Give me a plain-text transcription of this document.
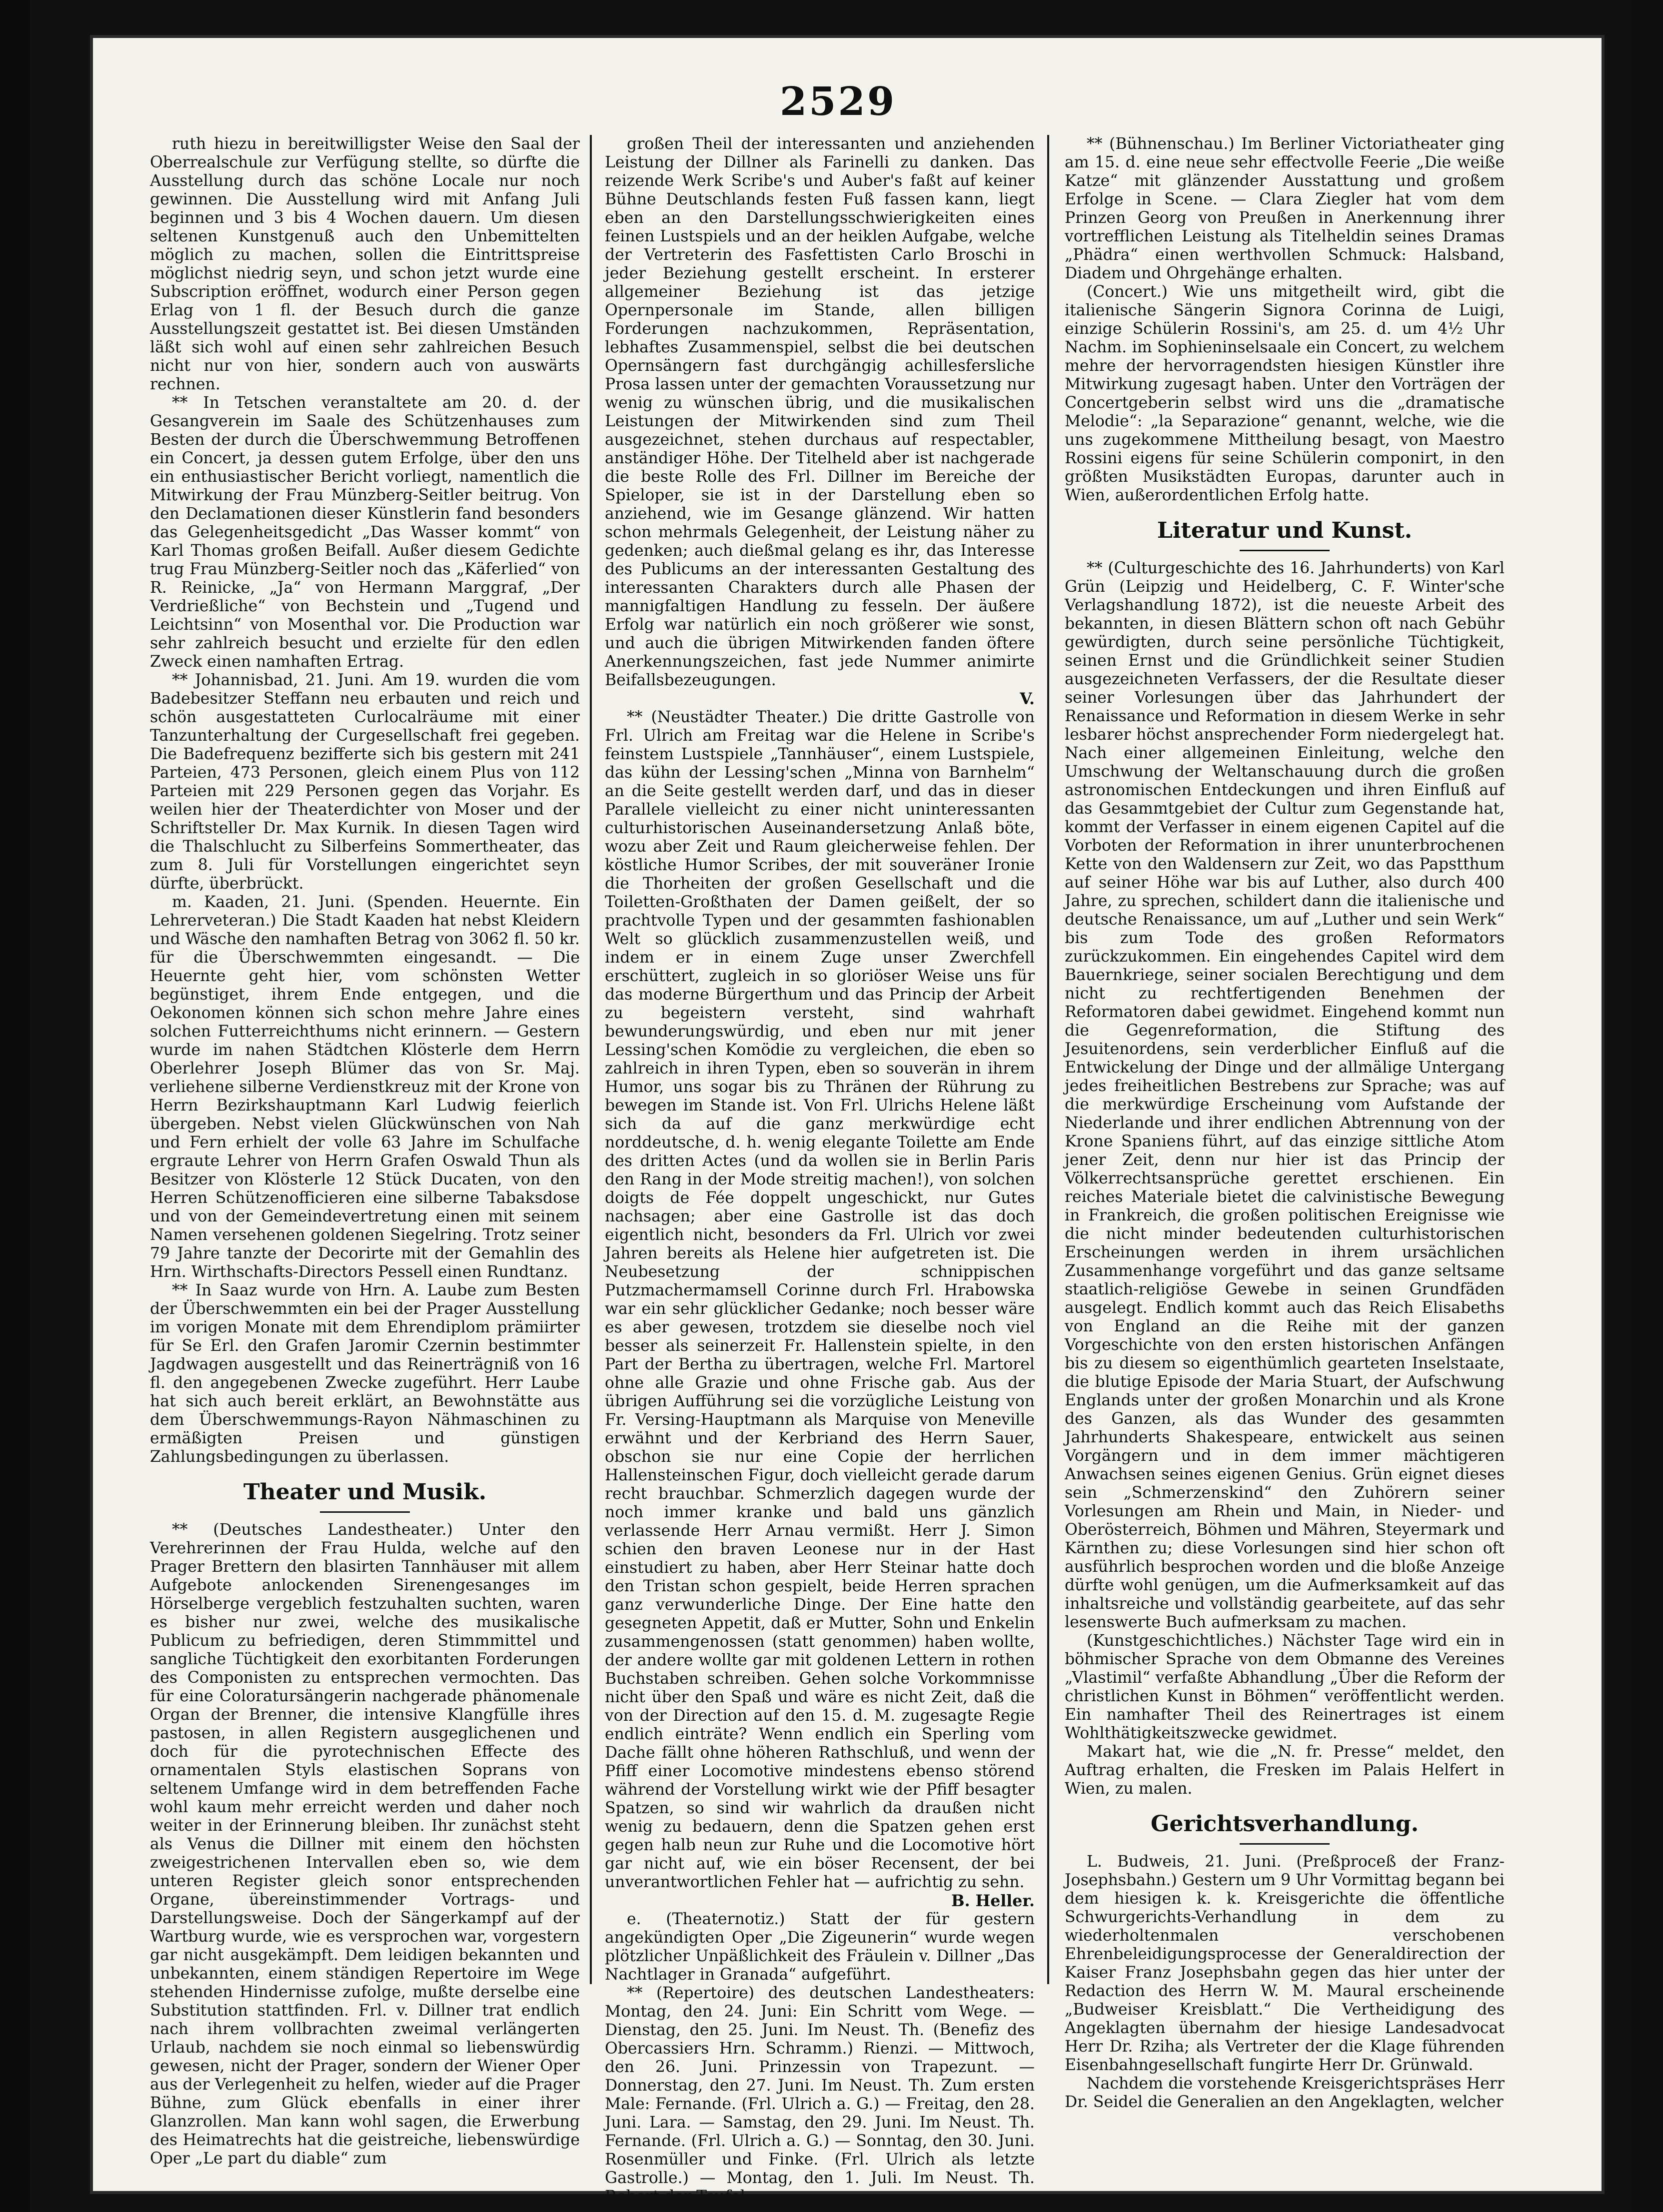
2529

ruth hiezu in bereitwilligster Weise den Saal der Oberrealschule zur Verfügung stellte, so dürfte die Ausstellung durch das schöne Locale nur noch gewinnen. Die Ausstellung wird mit Anfang Juli beginnen und 3 bis 4 Wochen dauern. Um diesen seltenen Kunstgenuß auch den Unbemittelten möglich zu machen, sollen die Eintrittspreise möglichst niedrig seyn, und schon jetzt wurde eine Subscription eröffnet, wodurch einer Person gegen Erlag von 1 fl. der Besuch durch die ganze Ausstellungszeit gestattet ist. Bei diesen Umständen läßt sich wohl auf einen sehr zahlreichen Besuch nicht nur von hier, sondern auch von auswärts rechnen.

** In Tetschen veranstaltete am 20. d. der Gesangverein im Saale des Schützenhauses zum Besten der durch die Überschwemmung Betroffenen ein Concert, ja dessen gutem Erfolge, über den uns ein enthusiastischer Bericht vorliegt, namentlich die Mitwirkung der Frau Münzberg-Seitler beitrug. Von den Declamationen dieser Künstlerin fand besonders das Gelegenheitsgedicht „Das Wasser kommt“ von Karl Thomas großen Beifall. Außer diesem Gedichte trug Frau Münzberg-Seitler noch das „Käferlied“ von R. Reinicke, „Ja“ von Hermann Marggraf, „Der Verdrießliche“ von Bechstein und „Tugend und Leichtsinn“ von Mosenthal vor. Die Production war sehr zahlreich besucht und erzielte für den edlen Zweck einen namhaften Ertrag.

** Johannisbad, 21. Juni. Am 19. wurden die vom Badebesitzer Steffann neu erbauten und reich und schön ausgestatteten Curlocalräume mit einer Tanzunterhaltung der Curgesellschaft frei gegeben. Die Badefrequenz bezifferte sich bis gestern mit 241 Parteien, 473 Personen, gleich einem Plus von 112 Parteien mit 229 Personen gegen das Vorjahr. Es weilen hier der Theaterdichter von Moser und der Schriftsteller Dr. Max Kurnik. In diesen Tagen wird die Thalschlucht zu Silberfeins Sommertheater, das zum 8. Juli für Vorstellungen eingerichtet seyn dürfte, überbrückt.

m. Kaaden, 21. Juni. (Spenden. Heuernte. Ein Lehrerveteran.) Die Stadt Kaaden hat nebst Kleidern und Wäsche den namhaften Betrag von 3062 fl. 50 kr. für die Überschwemmten eingesandt. — Die Heuernte geht hier, vom schönsten Wetter begünstiget, ihrem Ende entgegen, und die Oekonomen können sich schon mehre Jahre eines solchen Futterreichthums nicht erinnern. — Gestern wurde im nahen Städtchen Klösterle dem Herrn Oberlehrer Joseph Blümer das von Sr. Maj. verliehene silberne Verdienstkreuz mit der Krone von Herrn Bezirkshauptmann Karl Ludwig feierlich übergeben. Nebst vielen Glückwünschen von Nah und Fern erhielt der volle 63 Jahre im Schulfache ergraute Lehrer von Herrn Grafen Oswald Thun als Besitzer von Klösterle 12 Stück Ducaten, von den Herren Schützenofficieren eine silberne Tabaksdose und von der Gemeindevertretung einen mit seinem Namen versehenen goldenen Siegelring. Trotz seiner 79 Jahre tanzte der Decorirte mit der Gemahlin des Hrn. Wirthschafts-Directors Pessell einen Rundtanz.

** In Saaz wurde von Hrn. A. Laube zum Besten der Überschwemmten ein bei der Prager Ausstellung im vorigen Monate mit dem Ehrendiplom prämiirter für Se Erl. den Grafen Jaromir Czernin bestimmter Jagdwagen ausgestellt und das Reinerträgniß von 16 fl. den angegebenen Zwecke zugeführt. Herr Laube hat sich auch bereit erklärt, an Bewohnstätte aus dem Überschwemmungs-Rayon Nähmaschinen zu ermäßigten Preisen und günstigen Zahlungsbedingungen zu überlassen.

Theater und Musik.

** (Deutsches Landestheater.) Unter den Verehrerinnen der Frau Hulda, welche auf den Prager Brettern den blasirten Tannhäuser mit allem Aufgebote anlockenden Sirenengesanges im Hörselberge vergeblich festzuhalten suchten, waren es bisher nur zwei, welche des musikalische Publicum zu befriedigen, deren Stimmmittel und sangliche Tüchtigkeit den exorbitanten Forderungen des Componisten zu entsprechen vermochten. Das für eine Coloratursängerin nachgerade phänomenale Organ der Brenner, die intensive Klangfülle ihres pastosen, in allen Registern ausgeglichenen und doch für die pyrotechnischen Effecte des ornamentalen Styls elastischen Soprans von seltenem Umfange wird in dem betreffenden Fache wohl kaum mehr erreicht werden und daher noch weiter in der Erinnerung bleiben. Ihr zunächst steht als Venus die Dillner mit einem den höchsten zweigestrichenen Intervallen eben so, wie dem unteren Register gleich sonor entsprechenden Organe, übereinstimmender Vortrags- und Darstellungsweise. Doch der Sängerkampf auf der Wartburg wurde, wie es versprochen war, vorgestern gar nicht ausgekämpft. Dem leidigen bekannten und unbekannten, einem ständigen Repertoire im Wege stehenden Hindernisse zufolge, mußte derselbe eine Substitution stattfinden. Frl. v. Dillner trat endlich nach ihrem vollbrachten zweimal verlängerten Urlaub, nachdem sie noch einmal so liebenswürdig gewesen, nicht der Prager, sondern der Wiener Oper aus der Verlegenheit zu helfen, wieder auf die Prager Bühne, zum Glück ebenfalls in einer ihrer Glanzrollen. Man kann wohl sagen, die Erwerbung des Heimatrechts hat die geistreiche, liebenswürdige Oper „Le part du diable“ zum

großen Theil der interessanten und anziehenden Leistung der Dillner als Farinelli zu danken. Das reizende Werk Scribe's und Auber's faßt auf keiner Bühne Deutschlands festen Fuß fassen kann, liegt eben an den Darstellungsschwierigkeiten eines feinen Lustspiels und an der heiklen Aufgabe, welche der Vertreterin des Fasfettisten Carlo Broschi in jeder Beziehung gestellt erscheint. In ersterer allgemeiner Beziehung ist das jetzige Opernpersonale im Stande, allen billigen Forderungen nachzukommen, Repräsentation, lebhaftes Zusammenspiel, selbst die bei deutschen Opernsängern fast durchgängig achillesfersliche Prosa lassen unter der gemachten Voraussetzung nur wenig zu wünschen übrig, und die musikalischen Leistungen der Mitwirkenden sind zum Theil ausgezeichnet, stehen durchaus auf respectabler, anständiger Höhe. Der Titelheld aber ist nachgerade die beste Rolle des Frl. Dillner im Bereiche der Spieloper, sie ist in der Darstellung eben so anziehend, wie im Gesange glänzend. Wir hatten schon mehrmals Gelegenheit, der Leistung näher zu gedenken; auch dießmal gelang es ihr, das Interesse des Publicums an der interessanten Gestaltung des interessanten Charakters durch alle Phasen der mannigfaltigen Handlung zu fesseln. Der äußere Erfolg war natürlich ein noch größerer wie sonst, und auch die übrigen Mitwirkenden fanden öftere Anerkennungszeichen, fast jede Nummer animirte Beifallsbezeugungen.

V.

** (Neustädter Theater.) Die dritte Gastrolle von Frl. Ulrich am Freitag war die Helene in Scribe's feinstem Lustspiele „Tannhäuser“, einem Lustspiele, das kühn der Lessing'schen „Minna von Barnhelm“ an die Seite gestellt werden darf, und das in dieser Parallele vielleicht zu einer nicht uninteressanten culturhistorischen Auseinandersetzung Anlaß böte, wozu aber Zeit und Raum gleicherweise fehlen. Der köstliche Humor Scribes, der mit souveräner Ironie die Thorheiten der großen Gesellschaft und die Toiletten-Großthaten der Damen geißelt, der so prachtvolle Typen und der gesammten fashionablen Welt so glücklich zusammenzustellen weiß, und indem er in einem Zuge unser Zwerchfell erschüttert, zugleich in so gloriöser Weise uns für das moderne Bürgerthum und das Princip der Arbeit zu begeistern versteht, sind wahrhaft bewunderungswürdig, und eben nur mit jener Lessing'schen Komödie zu vergleichen, die eben so zahlreich in ihren Typen, eben so souverän in ihrem Humor, uns sogar bis zu Thränen der Rührung zu bewegen im Stande ist. Von Frl. Ulrichs Helene läßt sich da auf die ganz merkwürdige echt norddeutsche, d. h. wenig elegante Toilette am Ende des dritten Actes (und da wollen sie in Berlin Paris den Rang in der Mode streitig machen!), von solchen doigts de Fée doppelt ungeschickt, nur Gutes nachsagen; aber eine Gastrolle ist das doch eigentlich nicht, besonders da Frl. Ulrich vor zwei Jahren bereits als Helene hier aufgetreten ist. Die Neubesetzung der schnippischen Putzmachermamsell Corinne durch Frl. Hrabowska war ein sehr glücklicher Gedanke; noch besser wäre es aber gewesen, trotzdem sie dieselbe noch viel besser als seinerzeit Fr. Hallenstein spielte, in den Part der Bertha zu übertragen, welche Frl. Martorel ohne alle Grazie und ohne Frische gab. Aus der übrigen Aufführung sei die vorzügliche Leistung von Fr. Versing-Hauptmann als Marquise von Meneville erwähnt und der Kerbriand des Herrn Sauer, obschon sie nur eine Copie der herrlichen Hallensteinschen Figur, doch vielleicht gerade darum recht brauchbar. Schmerzlich dagegen wurde der noch immer kranke und bald uns gänzlich verlassende Herr Arnau vermißt. Herr J. Simon schien den braven Leonese nur in der Hast einstudiert zu haben, aber Herr Steinar hatte doch den Tristan schon gespielt, beide Herren sprachen ganz verwunderliche Dinge. Der Eine hatte den gesegneten Appetit, daß er Mutter, Sohn und Enkelin zusammengenossen (statt genommen) haben wollte, der andere wollte gar mit goldenen Lettern in rothen Buchstaben schreiben. Gehen solche Vorkommnisse nicht über den Spaß und wäre es nicht Zeit, daß die von der Direction auf den 15. d. M. zugesagte Regie endlich einträte? Wenn endlich ein Sperling vom Dache fällt ohne höheren Rathschluß, und wenn der Pfiff einer Locomotive mindestens ebenso störend während der Vorstellung wirkt wie der Pfiff besagter Spatzen, so sind wir wahrlich da draußen nicht wenig zu bedauern, denn die Spatzen gehen erst gegen halb neun zur Ruhe und die Locomotive hört gar nicht auf, wie ein böser Recensent, der bei unverantwortlichen Fehler hat — aufrichtig zu sehn.

B. Heller.

e. (Theaternotiz.) Statt der für gestern angekündigten Oper „Die Zigeunerin“ wurde wegen plötzlicher Unpäßlichkeit des Fräulein v. Dillner „Das Nachtlager in Granada“ aufgeführt.

** (Repertoire) des deutschen Landestheaters: Montag, den 24. Juni: Ein Schritt vom Wege. — Dienstag, den 25. Juni. Im Neust. Th. (Benefiz des Obercassiers Hrn. Schramm.) Rienzi. — Mittwoch, den 26. Juni. Prinzessin von Trapezunt. — Donnerstag, den 27. Juni. Im Neust. Th. Zum ersten Male: Fernande. (Frl. Ulrich a. G.) — Freitag, den 28. Juni. Lara. — Samstag, den 29. Juni. Im Neust. Th. Fernande. (Frl. Ulrich a. G.) — Sonntag, den 30. Juni. Rosenmüller und Finke. (Frl. Ulrich als letzte Gastrolle.) — Montag, den 1. Juli. Im Neust. Th. Robert der Teufel.

** (Bühnenschau.) Im Berliner Victoriatheater ging am 15. d. eine neue sehr effectvolle Feerie „Die weiße Katze“ mit glänzender Ausstattung und großem Erfolge in Scene. — Clara Ziegler hat vom dem Prinzen Georg von Preußen in Anerkennung ihrer vortrefflichen Leistung als Titelheldin seines Dramas „Phädra“ einen werthvollen Schmuck: Halsband, Diadem und Ohrgehänge erhalten.

(Concert.) Wie uns mitgetheilt wird, gibt die italienische Sängerin Signora Corinna de Luigi, einzige Schülerin Rossini's, am 25. d. um 4½ Uhr Nachm. im Sophieninselsaale ein Concert, zu welchem mehre der hervorragendsten hiesigen Künstler ihre Mitwirkung zugesagt haben. Unter den Vorträgen der Concertgeberin selbst wird uns die „dramatische Melodie“: „la Separazione“ genannt, welche, wie die uns zugekommene Mittheilung besagt, von Maestro Rossini eigens für seine Schülerin componirt, in den größten Musikstädten Europas, darunter auch in Wien, außerordentlichen Erfolg hatte.

Literatur und Kunst.

** (Culturgeschichte des 16. Jahrhunderts) von Karl Grün (Leipzig und Heidelberg, C. F. Winter'sche Verlagshandlung 1872), ist die neueste Arbeit des bekannten, in diesen Blättern schon oft nach Gebühr gewürdigten, durch seine persönliche Tüchtigkeit, seinen Ernst und die Gründlichkeit seiner Studien ausgezeichneten Verfassers, der die Resultate dieser seiner Vorlesungen über das Jahrhundert der Renaissance und Reformation in diesem Werke in sehr lesbarer höchst ansprechender Form niedergelegt hat. Nach einer allgemeinen Einleitung, welche den Umschwung der Weltanschauung durch die großen astronomischen Entdeckungen und ihren Einfluß auf das Gesammtgebiet der Cultur zum Gegenstande hat, kommt der Verfasser in einem eigenen Capitel auf die Vorboten der Reformation in ihrer ununterbrochenen Kette von den Waldensern zur Zeit, wo das Papstthum auf seiner Höhe war bis auf Luther, also durch 400 Jahre, zu sprechen, schildert dann die italienische und deutsche Renaissance, um auf „Luther und sein Werk“ bis zum Tode des großen Reformators zurückzukommen. Ein eingehendes Capitel wird dem Bauernkriege, seiner socialen Berechtigung und dem nicht zu rechtfertigenden Benehmen der Reformatoren dabei gewidmet. Eingehend kommt nun die Gegenreformation, die Stiftung des Jesuitenordens, sein verderblicher Einfluß auf die Entwickelung der Dinge und der allmälige Untergang jedes freiheitlichen Bestrebens zur Sprache; was auf die merkwürdige Erscheinung vom Aufstande der Niederlande und ihrer endlichen Abtrennung von der Krone Spaniens führt, auf das einzige sittliche Atom jener Zeit, denn nur hier ist das Princip der Völkerrechtsansprüche gerettet erschienen. Ein reiches Materiale bietet die calvinistische Bewegung in Frankreich, die großen politischen Ereignisse wie die nicht minder bedeutenden culturhistorischen Erscheinungen werden in ihrem ursächlichen Zusammenhange vorgeführt und das ganze seltsame staatlich-religiöse Gewebe in seinen Grundfäden ausgelegt. Endlich kommt auch das Reich Elisabeths von England an die Reihe mit der ganzen Vorgeschichte von den ersten historischen Anfängen bis zu diesem so eigenthümlich gearteten Inselstaate, die blutige Episode der Maria Stuart, der Aufschwung Englands unter der großen Monarchin und als Krone des Ganzen, als das Wunder des gesammten Jahrhunderts Shakespeare, entwickelt aus seinen Vorgängern und in dem immer mächtigeren Anwachsen seines eigenen Genius. Grün eignet dieses sein „Schmerzenskind“ den Zuhörern seiner Vorlesungen am Rhein und Main, in Nieder- und Oberösterreich, Böhmen und Mähren, Steyermark und Kärnthen zu; diese Vorlesungen sind hier schon oft ausführlich besprochen worden und die bloße Anzeige dürfte wohl genügen, um die Aufmerksamkeit auf das inhaltsreiche und vollständig gearbeitete, auf das sehr lesenswerte Buch aufmerksam zu machen.

(Kunstgeschichtliches.) Nächster Tage wird ein in böhmischer Sprache von dem Obmanne des Vereines „Vlastimil“ verfaßte Abhandlung „Über die Reform der christlichen Kunst in Böhmen“ veröffentlicht werden. Ein namhafter Theil des Reinertrages ist einem Wohlthätigkeitszwecke gewidmet.

Makart hat, wie die „N. fr. Presse“ meldet, den Auftrag erhalten, die Fresken im Palais Helfert in Wien, zu malen.

Gerichtsverhandlung.

L. Budweis, 21. Juni. (Preßproceß der Franz-Josephsbahn.) Gestern um 9 Uhr Vormittag begann bei dem hiesigen k. k. Kreisgerichte die öffentliche Schwurgerichts-Verhandlung in dem zu wiederholtenmalen verschobenen Ehrenbeleidigungsprocesse der Generaldirection der Kaiser Franz Josephsbahn gegen das hier unter der Redaction des Herrn W. M. Maural erscheinende „Budweiser Kreisblatt.“ Die Vertheidigung des Angeklagten übernahm der hiesige Landesadvocat Herr Dr. Rziha; als Vertreter der die Klage führenden Eisenbahngesellschaft fungirte Herr Dr. Grünwald.

Nachdem die vorstehende Kreisgerichtspräses Herr Dr. Seidel die Generalien an den Angeklagten, welcher
